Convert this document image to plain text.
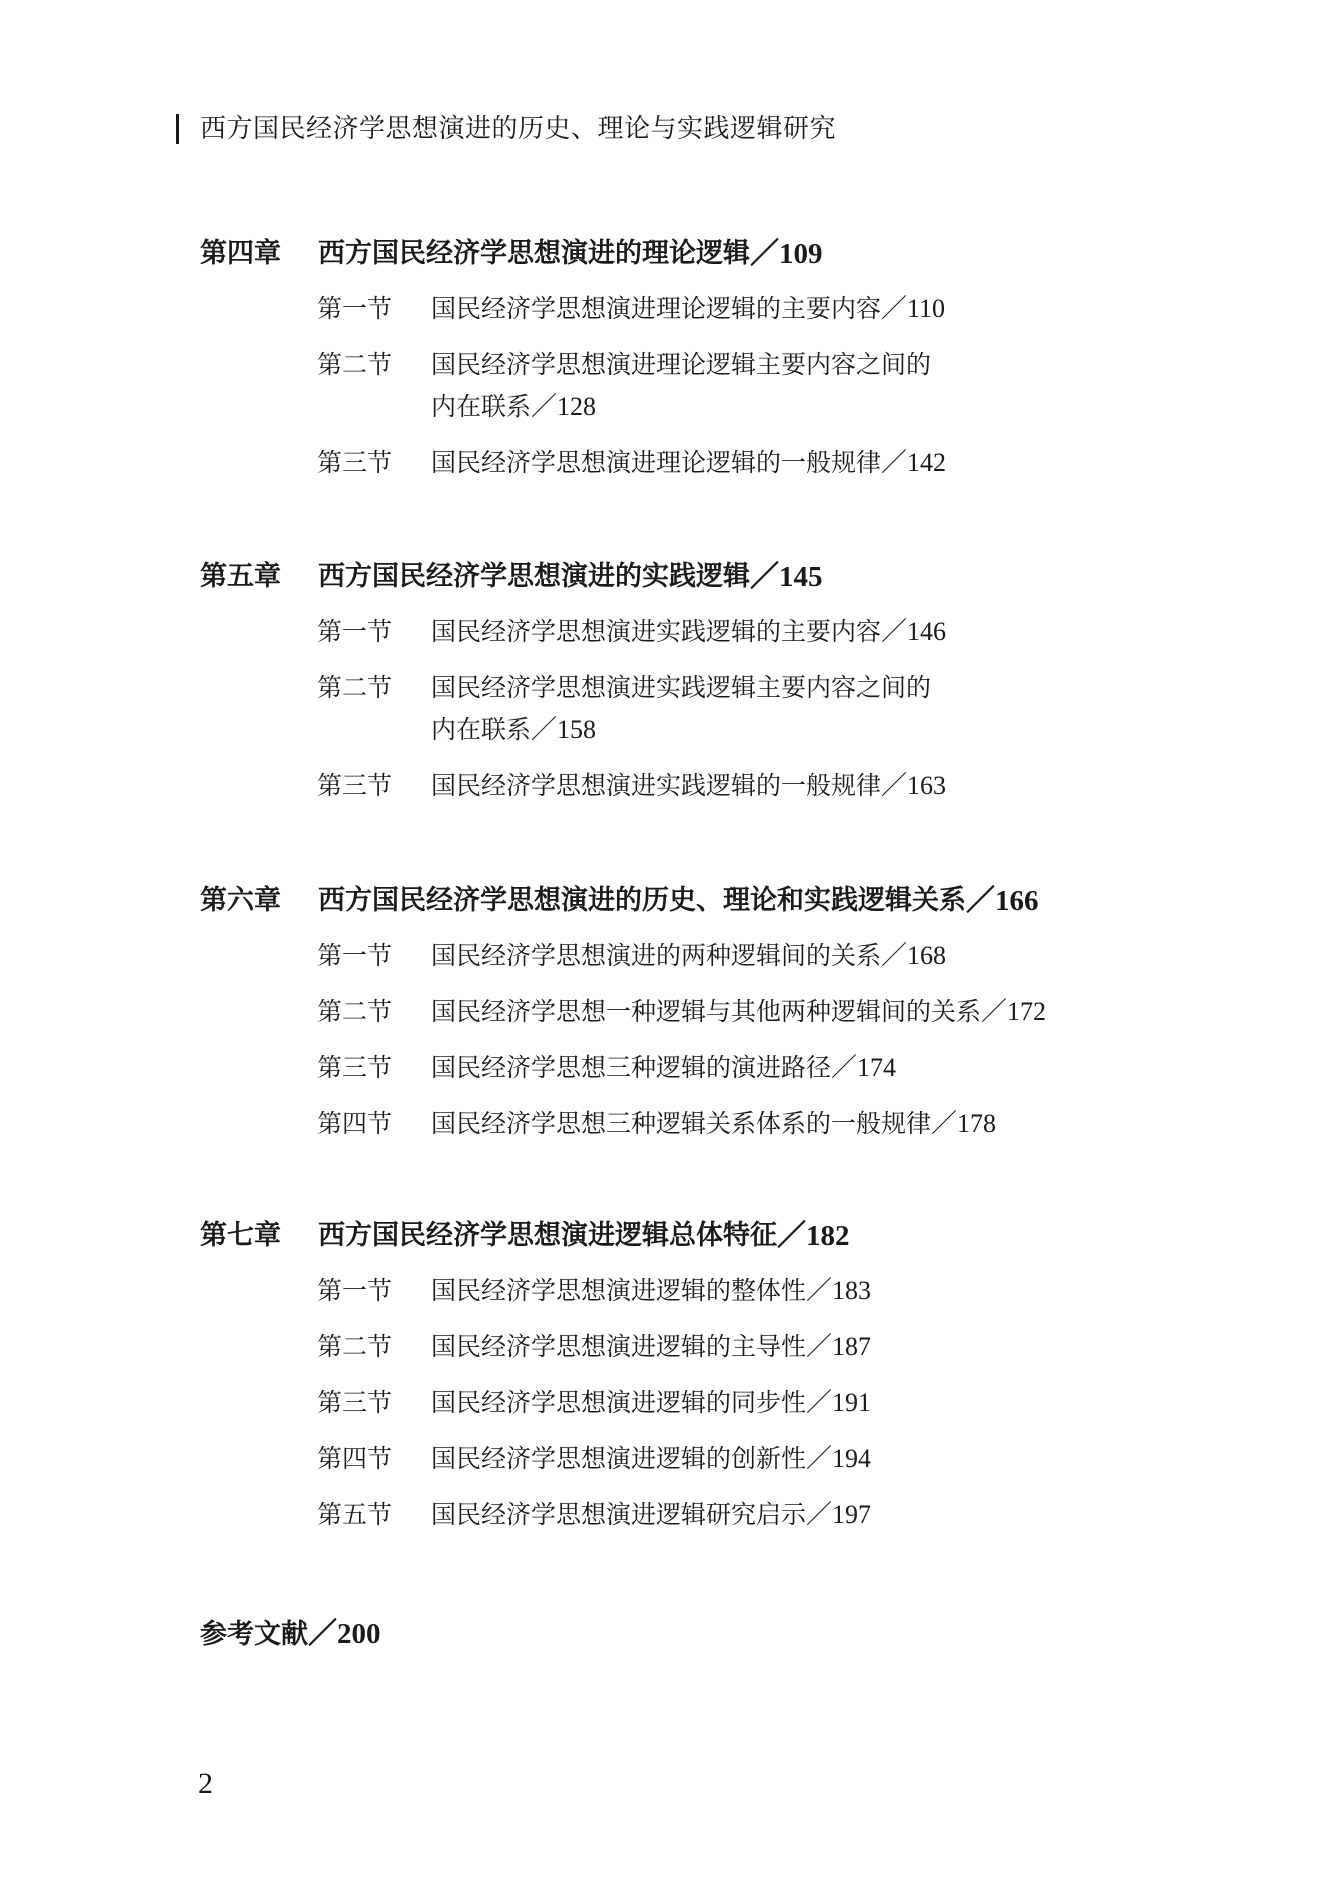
西方国民经济学思想演进的历史、理论与实践逻辑研究
第四章	西方国民经济学思想演进的理论逻辑 ／109
第一节	国民经济学思想演进理论逻辑的主要内容／110
第二节	国民经济学思想演进理论逻辑主要内容之间的
内在联系／128
第三节	国民经济学思想演进理论逻辑的一般规律／142
第五章	西方国民经济学思想演进的实践逻辑 ／145
第一节	国民经济学思想演进实践逻辑的主要内容／146
第二节	国民经济学思想演进实践逻辑主要内容之间的
内在联系／158
第三节	国民经济学思想演进实践逻辑的一般规律／163
第六章	西方国民经济学思想演进的历史、理论和实践逻辑关系 ／166
第一节	国民经济学思想演进的两种逻辑间的关系／168
第二节	国民经济学思想一种逻辑与其他两种逻辑间的关系／172
第三节	国民经济学思想三种逻辑的演进路径／174
第四节	国民经济学思想三种逻辑关系体系的一般规律／178
第七章	西方国民经济学思想演进逻辑总体特征 ／182
第一节	国民经济学思想演进逻辑的整体性／183
第二节	国民经济学思想演进逻辑的主导性／187
第三节	国民经济学思想演进逻辑的同步性／191
第四节	国民经济学思想演进逻辑的创新性／194
第五节	国民经济学思想演进逻辑研究启示／197
参考文献／200
2
